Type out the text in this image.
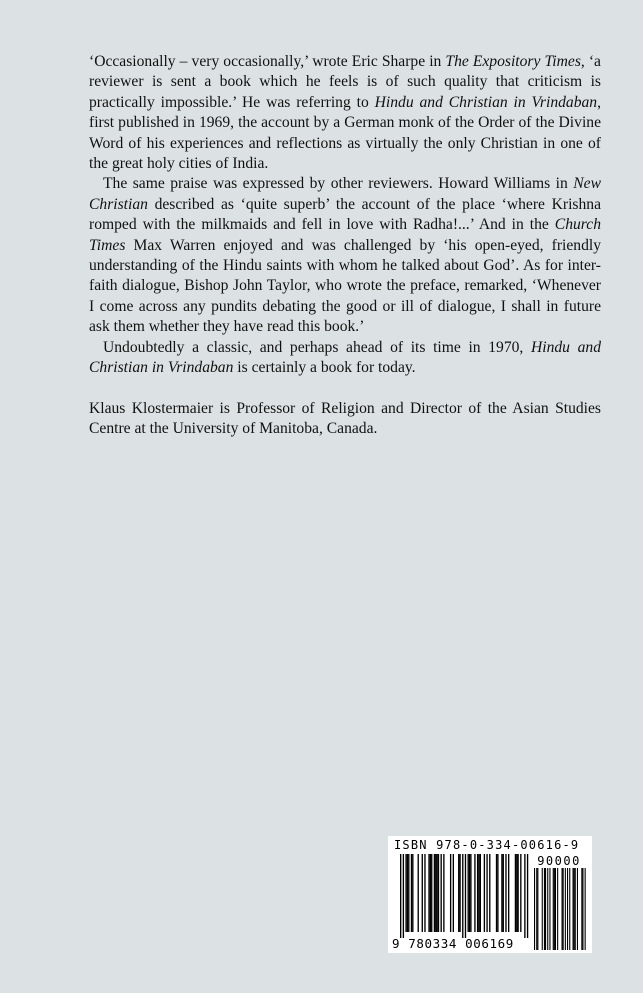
‘Occasionally – very occasionally,’ wrote Eric Sharpe in The Expository Times, ‘a reviewer is sent a book which he feels is of such quality that criticism is practically impossible.’ He was referring to Hindu and Christian in Vrindaban, first published in 1969, the account by a German monk of the Order of the Divine Word of his experiences and reflections as virtually the only Christian in one of the great holy cities of India.

The same praise was expressed by other reviewers. Howard Williams in New Christian described as ‘quite superb’ the account of the place ‘where Krishna romped with the milkmaids and fell in love with Radha!...’ And in the Church Times Max Warren enjoyed and was challenged by ‘his open-eyed, friendly understanding of the Hindu saints with whom he talked about God’. As for inter-faith dialogue, Bishop John Taylor, who wrote the preface, remarked, ‘Whenever I come across any pundits debating the good or ill of dialogue, I shall in future ask them whether they have read this book.’

Undoubtedly a classic, and perhaps ahead of its time in 1970, Hindu and Christian in Vrindaban is certainly a book for today.

Klaus Klostermaier is Professor of Religion and Director of the Asian Studies Centre at the University of Manitoba, Canada.

ISBN 978-0-334-00616-9
90000
9 780334 006169
